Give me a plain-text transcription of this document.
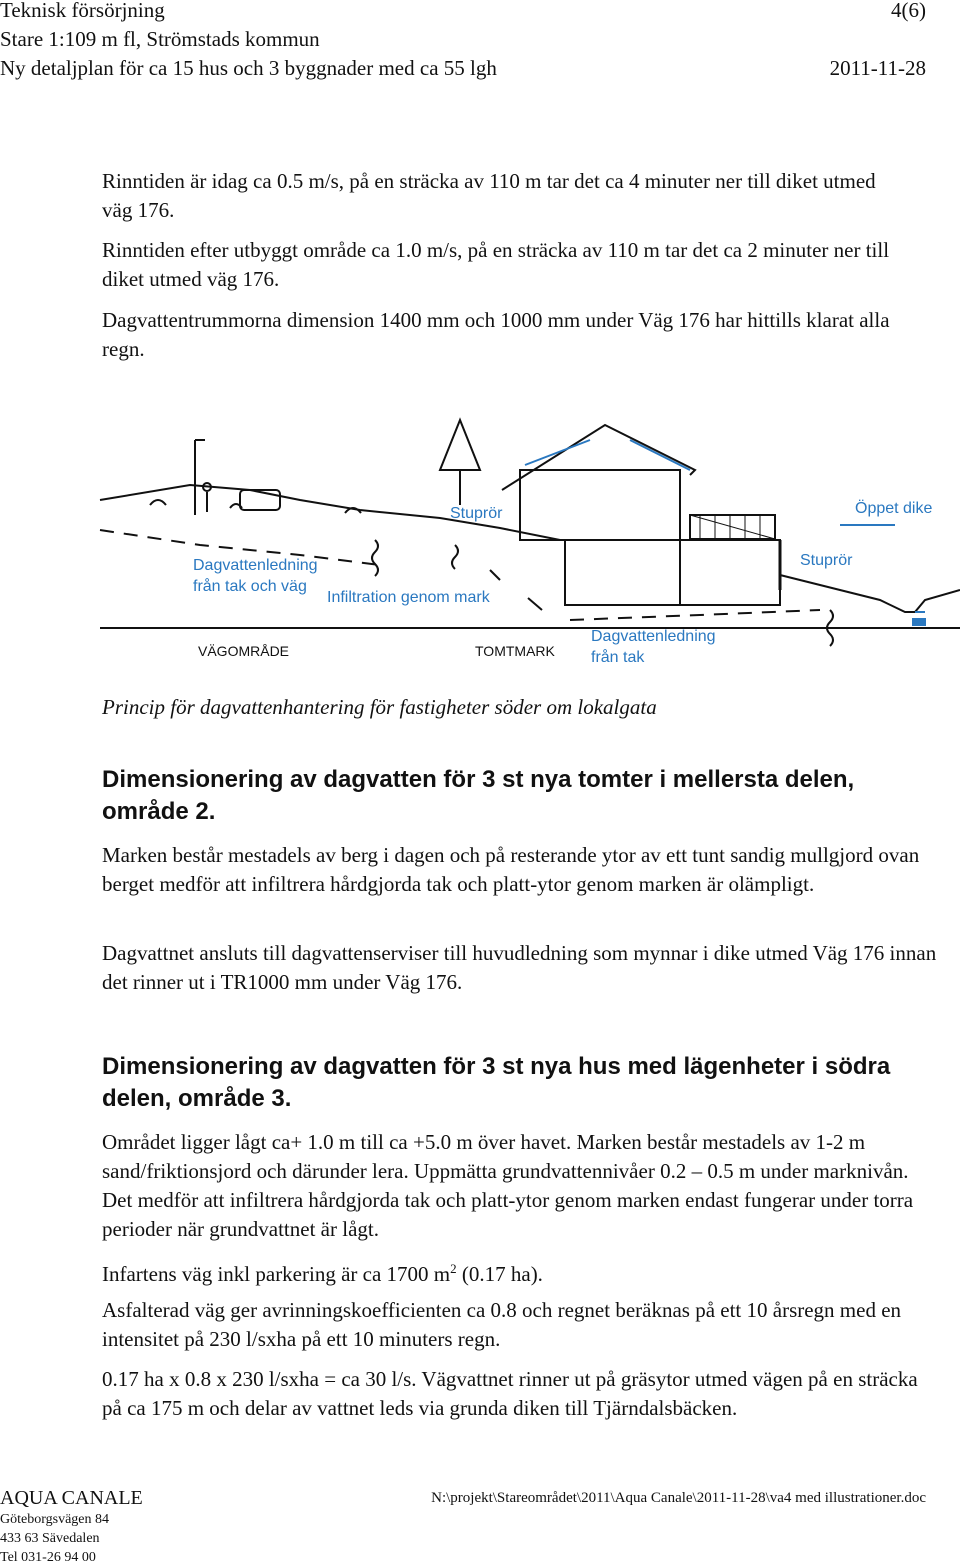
Teknisk försörjning	4(6)
Stare 1:109 m fl, Strömstads kommun
Ny detaljplan för ca 15 hus och 3 byggnader med ca 55 lgh	2011-11-28
Rinntiden är idag ca 0.5 m/s, på en sträcka av 110 m tar det ca 4 minuter ner till diket utmed väg 176.
Rinntiden efter utbyggt område ca 1.0 m/s, på en sträcka av 110 m tar det ca 2 minuter ner till diket utmed väg 176.
Dagvattentrummorna dimension 1400 mm och 1000 mm under Väg 176 har hittills klarat alla regn.
Stuprör	Öppet dike
Stuprör
Dagvattenledning
från tak och väg
Infiltration genom mark
Dagvattenledning
från tak
VÄGOMRÅDE	TOMTMARK
Princip för dagvattenhantering för fastigheter söder om lokalgata
Dimensionering av dagvatten för 3 st nya tomter i mellersta delen, område 2.
Marken består mestadels av berg i dagen och på resterande ytor av ett tunt sandig mullgjord ovan berget medför att infiltrera hårdgjorda tak och platt-ytor genom marken är olämpligt.
Dagvattnet ansluts till dagvattenserviser till huvudledning som mynnar i dike utmed Väg 176 innan det rinner ut i TR1000 mm under Väg 176.
Dimensionering av dagvatten för 3 st nya hus med lägenheter i södra delen, område 3.
Området ligger lågt ca+ 1.0 m till ca +5.0 m över havet. Marken består mestadels av 1-2 m sand/friktionsjord och därunder lera. Uppmätta grundvattennivåer 0.2 – 0.5 m under marknivån. Det medför att infiltrera hårdgjorda tak och platt-ytor genom marken endast fungerar under torra perioder när grundvattnet är lågt.
Infartens väg inkl parkering är ca 1700 $m^2$ (0.17 ha).
Asfalterad väg ger avrinningskoefficienten ca 0.8 och regnet beräknas på ett 10 årsregn med en intensitet på 230 l/sxha på ett 10 minuters regn.
0.17 ha x 0.8 x 230 l/sxha = ca 30 l/s. Vägvattnet rinner ut på gräsytor utmed vägen på en sträcka på ca 175 m och delar av vattnet leds via grunda diken till Tjärndalsbäcken.
AQUA CANALE
Göteborgsvägen 84
433 63 Sävedalen
Tel 031-26 94 00
N:\projekt\Stareområdet\2011\Aqua Canale\2011-11-28\va4 med illustrationer.doc
